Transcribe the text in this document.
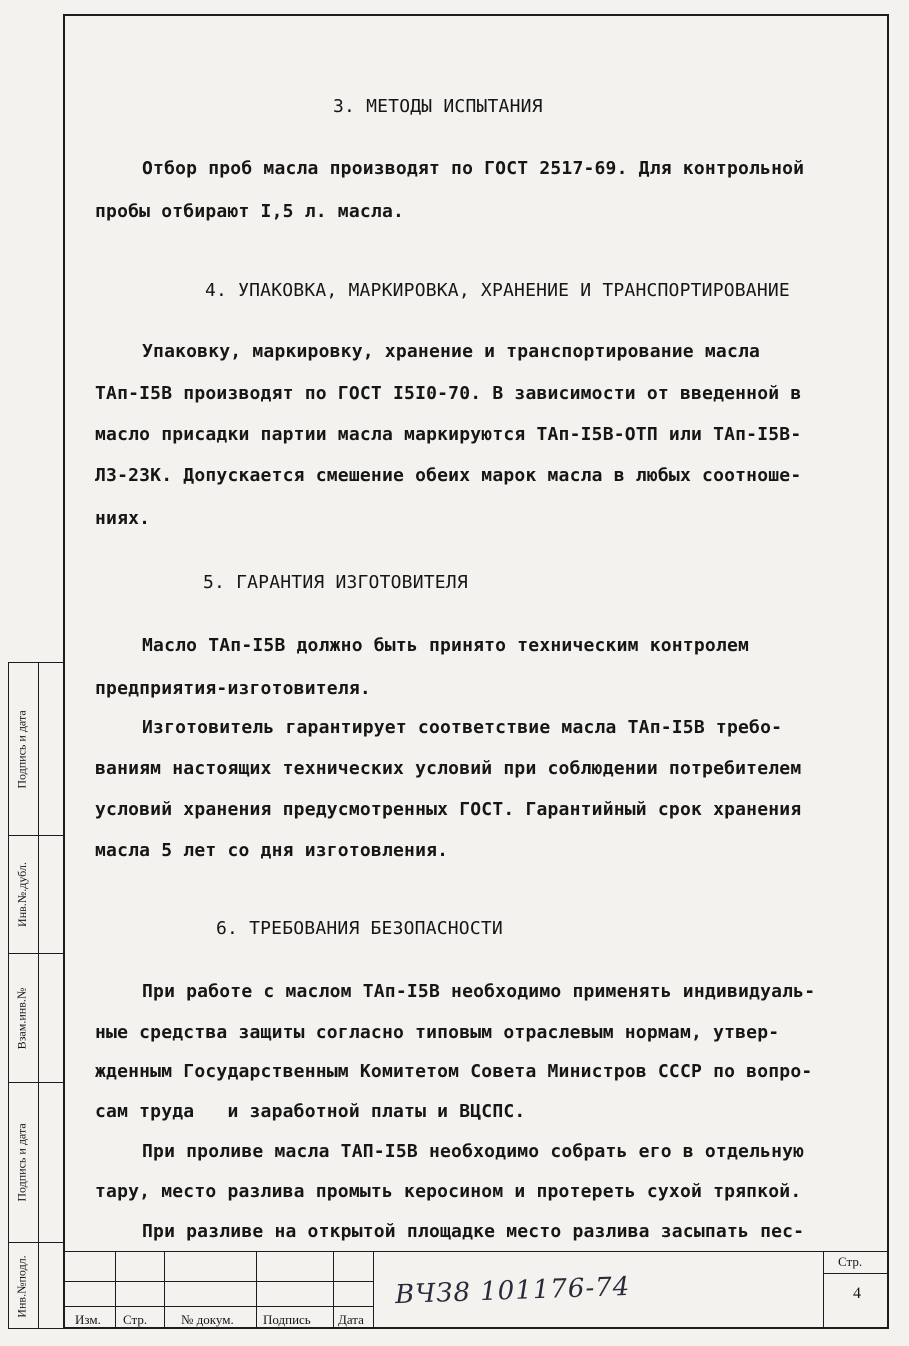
3. МЕТОДЫ ИСПЫТАНИЯ
Отбор проб масла производят по ГОСТ 2517-69. Для контрольной
пробы отбирают I,5 л. масла.
4. УПАКОВКА, МАРКИРОВКА, ХРАНЕНИЕ И ТРАНСПОРТИРОВАНИЕ
Упаковку, маркировку, хранение и транспортирование масла
ТАп-I5В производят по ГОСТ I5I0-70. В зависимости от введенной в
масло присадки партии масла маркируются ТАп-I5В-ОТП или ТАп-I5В-
ЛЗ-23К. Допускается смешение обеих марок масла в любых соотноше-
ниях.
5. ГАРАНТИЯ ИЗГОТОВИТЕЛЯ
Масло ТАп-I5В должно быть принято техническим контролем
предприятия-изготовителя.
Изготовитель гарантирует соответствие масла ТАп-I5В требо-
ваниям настоящих технических условий при соблюдении потребителем
условий хранения предусмотренных ГОСТ. Гарантийный срок хранения
масла 5 лет со дня изготовления.
6. ТРЕБОВАНИЯ БЕЗОПАСНОСТИ
При работе с маслом ТАп-I5В необходимо применять индивидуаль-
ные средства защиты согласно типовым отраслевым нормам, утвер-
жденным Государственным Комитетом Совета Министров СССР по вопро-
сам труда   и заработной платы и ВЦСПС.
При проливе масла ТАП-I5В необходимо собрать его в отдельную
тару, место разлива промыть керосином и протереть сухой тряпкой.
При разливе на открытой площадке место разлива засыпать пес-
Подпись и дата
Инв.№.дубл.
Взам.инв.№
Подпись и дата
Инв.№подл.
Изм. Стр.	№ докум. Подпись Дата
Стр.
4
ВЧЗ8 101176-74
